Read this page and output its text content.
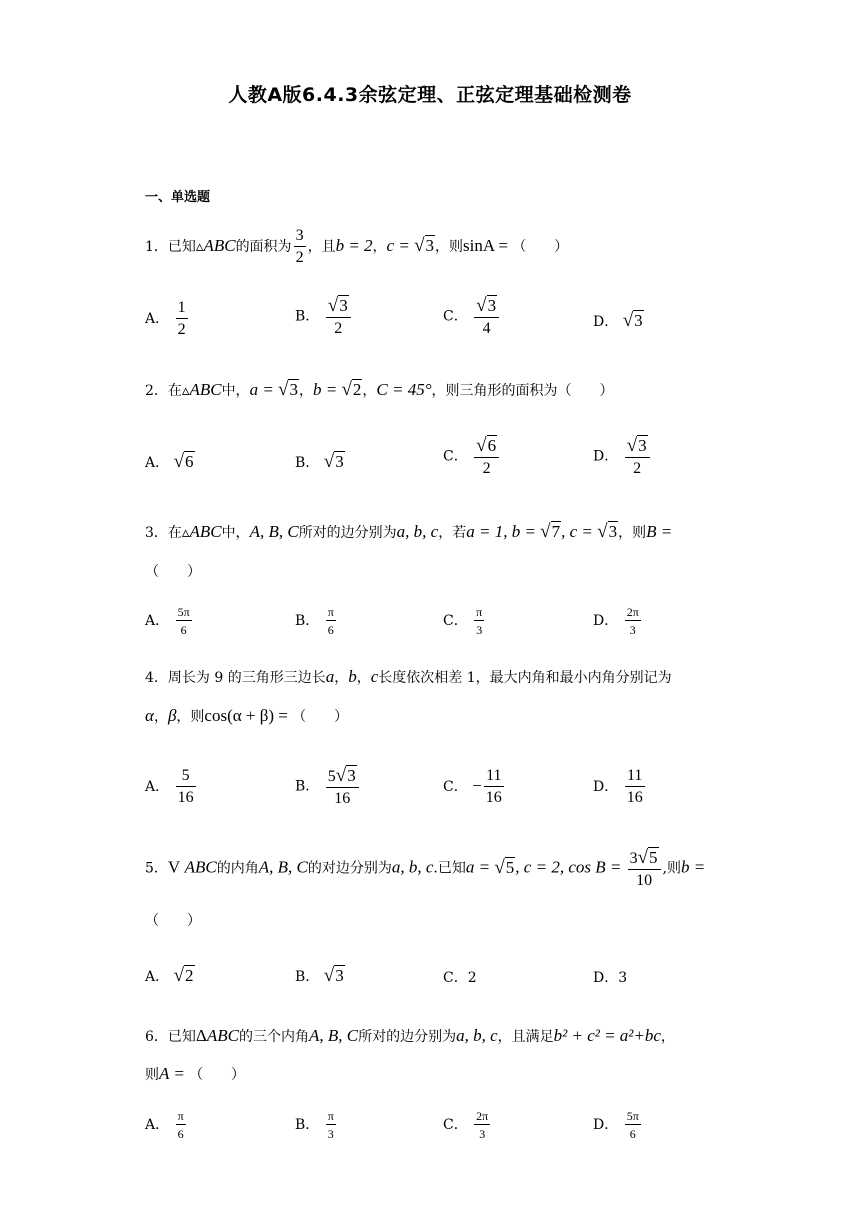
人教A版6.4.3余弦定理、正弦定理基础检测卷
一、单选题
1．已知▵ABC的面积为 $\frac{3}{2}$ ，且b = 2，c = √3，则sinA = （　　）
A． $\frac{1}{2}$	B． $\frac{√3}{2}$	C． $\frac{√3}{4}$	D． √3
2．在▵ABC中，a = √3，b = √2，C = 45°，则三角形的面积为（　　）
A． √6	B． √3	C． $\frac{√6}{2}$	D． $\frac{√3}{2}$
3．在▵ABC中，A, B, C所对的边分别为a, b, c，若a = 1, b = √7, c = √3，则B =
（　　）
A． $\frac{5\pi}{6}$	B． $\frac{\pi}{6}$	C． $\frac{\pi}{3}$	D． $\frac{2\pi}{3}$
4．周长为 9 的三角形三边长a，b，c长度依次相差 1，最大内角和最小内角分别记为
α，β，则cos(α + β) = （　　）
A． $\frac{5}{16}$	B． $\frac{5√3}{16}$	C． − $\frac{11}{16}$	D． $\frac{11}{16}$
5．V ABC的内角A, B, C的对边分别为a, b, c.已知a = √5, c = 2, $\cos B = \frac{3√5}{10}$ ,则b =
（　　）
A． √2	B． √3	C．2	D．3
6．已知ΔABC的三个内角A, B, C所对的边分别为a, b, c，且满足b² + c² = a²+bc，
则A = （　　）
A． $\frac{\pi}{6}$	B． $\frac{\pi}{3}$	C． $\frac{2\pi}{3}$	D． $\frac{5\pi}{6}$
